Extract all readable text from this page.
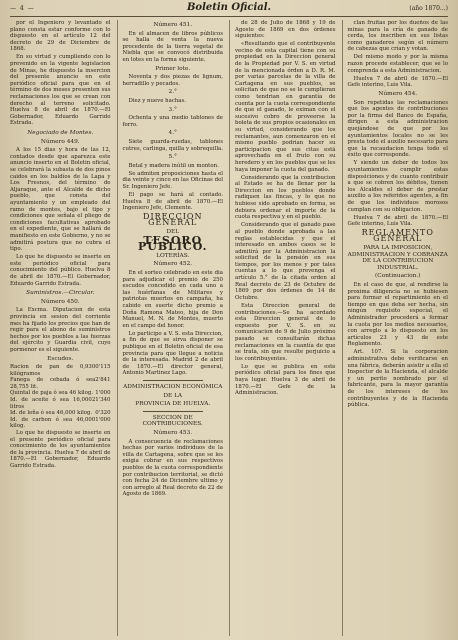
— 4 —	Boletin Oficial.	(año 1870...)

por el Ingeniero y levantado el plano consta estar conforme con lo dispuesto en el artículo 12 del decreto de 29 de Diciembre de 1868.

En su virtud y cumpliendo con lo prevenido en la vigente legislacion de Minas, he dispuesto la insercion del presente anuncio en este periódico oficial para que en el término de dos meses presenten sus reclamaciones los que se crean con derecho al terreno solicitado. Huelva 8 de abril de 1870.—El Gobernador, Eduardo Garrido Estrada.

Negociado de Montes.

Número 449.

A los 15 dias y hora de las 12, contados desde que aparezca este anuncio inserto en el Boletin oficial, se celebrará la subasta de dos pinos caidos en los baldíos de la Lapa y Los Fresnos, del término de Aljaraque, ante el Alcalde de dicho pueblo, que consta del ayuntamiento y un empleado del ramo de montes, bajo el tipo y condiciones que señala el pliego de condiciones facultativas aprobado en el expediente, que se hallará de manifiesto en este Gobierno, y no se admitirá postura que no cubra el tipo.

Lo que he dispuesto se inserte en este periódico oficial para conocimiento del público. Huelva 8 de abril de 1870.—El Gobernador, Eduardo Garrido Estrada.

Suministros.—Circular.

Número 450.

La Excma. Diputacion de esta provincia en sesion del corriente mes ha fijado los precios que han de regir para el abono de suministros hechos por los pueblos a las fuerzas del ejército y Guardia civil, cuyo pormenor es el siguiente.

Escudos.

Racion de pan de 0,930 kilógramos
0'115
Fanega de cebada ó sea 28,755 lit.
2'841
Quintal de paja ó sea 46 kilog. 1'000
Id. de aceite ó sea 16,000 litros
21'340
Id. de leña ó sea 46,000 kilog. 0'320
Id. de carbon ó sea 46,000 kilog.
1'000

Lo que he dispuesto se inserte en el presente periódico oficial para conocimiento de los ayuntamientos de la provincia. Huelva 7 de abril de 1870.—El Gobernador, Eduardo Garrido Estrada.

Número 451.

En el almacen de libros públicos se halla de venta la nueva procedente de la tierra vegetal de Niebla que se convocó distribuida en lotes en la forma siguiente.

Primer lote.

Noventa y dos piezas de lignum, herradillo y pecados.

2.°

Diez y nueve hachas.

3.°

Ochenta y una medio tablones de forro.

4.°

Siete guarda-ruedas, tablones cutres, carlinga, quilla y sobrequilla.

5.°

Betal y madera inútil un monton.

Se admiten proposiciones hasta el dia veinte y cinco en las Oficinas del Sr. Ingeniero Jefe.

El pago se hará al contado. Huelva 8 de abril de 1870.—El Ingeniero Jefe, Clemente.

DIRECCION GENERAL

DEL

TESORO PÚBLICO.

LOTERÍAS.

Número 452.

En el sorteo celebrado en este dia para adjudicar el premio de 250 escudos concedido en cada uno a las huérfanas de Militares y patriotas muertos en campaña, ha cabido en suerte dicho premio a Doña Ramona Mateo, hija de Don Manuel, M. N. de Montes, muerto en el campo del honor.

Lo participo a V. S. esta Direccion, a fin de que se sirva disponer se publique en el Boletin oficial de esa provincia para que llegue a noticia de la interesada. Madrid 2 de abril de 1870.—El director general, Antonio Martinez Lago.

ADMINISTRACION ECONÓMICA

DE LA

PROVINCIA DE HUELVA.

SECCION DE CONTRIBUCIONES.

Número 453.

A consecuencia de reclamaciones hechas por varios individuos de la villa de Cartagena, sobre que se les exigia cobrar en sus respectivos pueblos de la cuota correspondiente por contribucion territorial, se dictó con fecha 24 de Diciembre ultimo y con arreglo al Real decreto de 22 de Agosto de 1869.

de 28 de Julio de 1868 y 19 de Agosto de 1869 en dos órdenes siguientes:

«Resultando que el contribuyente vecino de esta capital tiene con su propiedad en la Direccion general de la Propiedad por V. S. en virtud de la mencionada órden a D. R. M. por varias parcelas de la villa de Cartagena en sus pueblos, se solicitan de que no se le cumplieran como tendrian en garantía de cuenta por la cuota correspondiente de que el ganado, le eximan con el sucesivo cobro de proveerse la boleta de sus propios ocasionales en su virtud, considerando que los reclamantes, aun comenzaron en el mismo pueblo podrian hacer su participacion que sus citas está aprovechada en el fruto con su heredero y en los pueblos que se les haya imponer la cuota del ganado.

Considerando que la contribucion al Estado se ha de llenar por la Direccion en los pueblos donde radiquen las fincas, y lo que no hubiese sido aprobado en forma, se debiera ordenar el importe de la cuota respectiva y en el pueblo.

Considerando que el ganado pase al pueblo donde aprobada a las reglas establecidas y que el interesado en ambos casos se le admitirá por la Administracion la solicitud de la pensión en sus tiempos, por los menos y por tales cuentas a lo que prevenga el artículo 5.° de la citada orden al Real decreto de 23 de Octubre de 1869 por dos órdenes de 14 de Octubre.

Esta Direccion general de contribuciones.—Se ha acordado esta Direccion general de lo expuesto por V. S. en su comunicacion de 9 de Julio próximo pasado se consultarán dichas reclamaciones en la cuantía de que se trata, sin que resulte perjuicio a los contribuyentes.

Lo que se publica en este periódico oficial para los fines que haya lugar. Huelva 3 de abril de 1870.—El Gefe de la Administracion.

clan fruitas por los dueños de las minas para la cría de ganado de cerda, los inscriben en sus listas como ganaderos según el número de cabezas que crían y votan.

Del mismo modo y por la misma razon procede establecer, que se lo comprenda a esta Administracion.

Huelva 7 de abril de 1870.—El Gefe interino, Luis Vila.

Número 454.

Son repetidas las reclamaciones que los agentes de contribuciones por la firma del Banco de España, dirigen a esta administracion quejándose de que por los ayuntamientos locales no se les presta todo el auxilio necesario para que la recaudacion tenga todo el éxito que corresponde.

Y siendo un deber de todos los ayuntamientos cumplir estas disposiciones y de cuanto contribuir a que se cobren los débitos, tienen los Alcaldes el deber de prestar auxilio a los referidos agentes, a fin de que los individuos morosos cumplan con su obligacion.

Huelva 7 de abril de 1870.—El Gefe interino, Luis Vila.

REGLAMENTO GENERAL

PARA LA IMPOSICION, ADMINISTRACION Y COBRANZA DE LA CONTRIBUCION INDUSTRIAL.

(Continuacion.)

En el caso de que, al rendirse la proxima diligencia no se hubiesen para formar el repartimiento en el tiempo en que deba ser hecha, sin ningún requisito especial, el Administrador procederá a formar la cuota por los medios necesarios, con arreglo a lo dispuesto en los artículos 23 y 43 de este Reglamento.

Art. 107. Si la corporacion administrativa debe verificarse en una fábrica, deberán asistir a ella el Inspector de la Hacienda, el alcalde y un perito nombrado por el fabricante, para la mayor garantía de los intereses de los contribuyentes y de la Hacienda pública.
